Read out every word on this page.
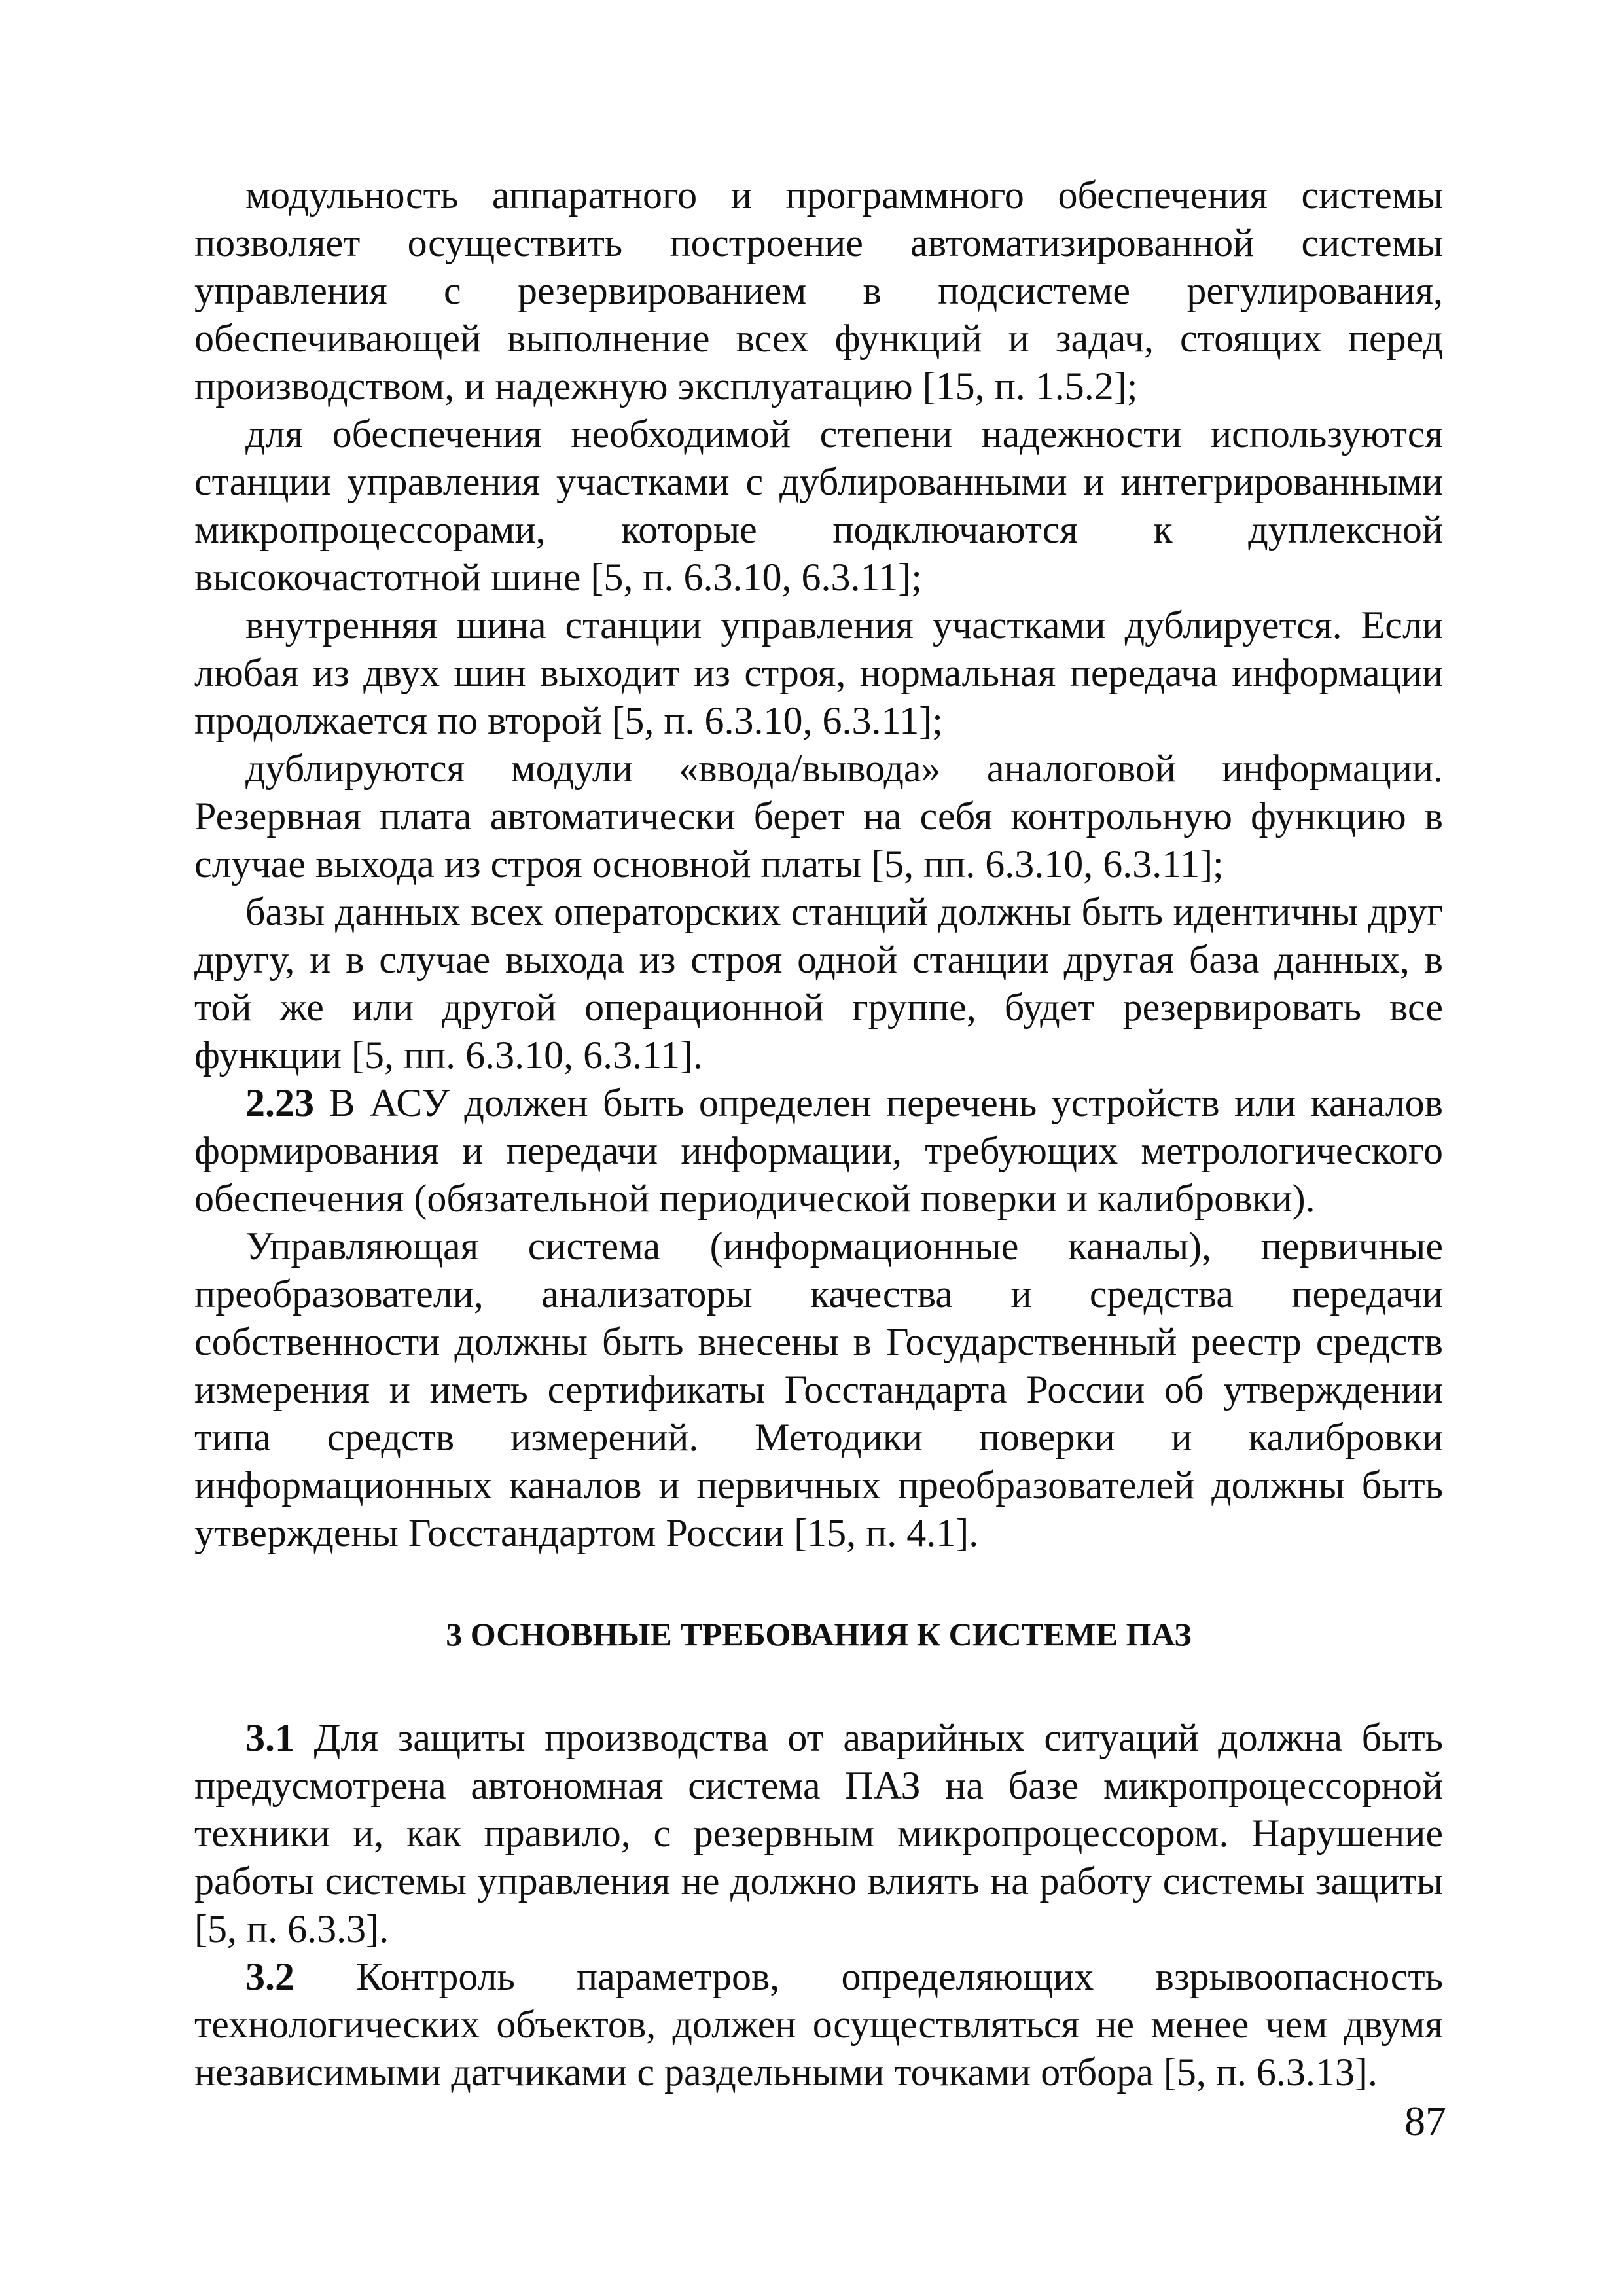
модульность аппаратного и программного обеспечения системы позволяет осуществить построение автоматизированной системы управления с резервированием в подсистеме регулирования, обеспечивающей выполнение всех функций и задач, стоящих перед производством, и надежную эксплуатацию [15, п. 1.5.2];

для обеспечения необходимой степени надежности используются станции управления участками с дублированными и интегрированными микропроцессорами, которые подключаются к дуплексной высокочастотной шине [5, п. 6.3.10, 6.3.11];

внутренняя шина станции управления участками дублируется. Если любая из двух шин выходит из строя, нормальная передача информации продолжается по второй [5, п. 6.3.10, 6.3.11];

дублируются модули «ввода/вывода» аналоговой информации. Резервная плата автоматически берет на себя контрольную функцию в случае выхода из строя основной платы [5, пп. 6.3.10, 6.3.11];

базы данных всех операторских станций должны быть идентичны друг другу, и в случае выхода из строя одной станции другая база данных, в той же или другой операционной группе, будет резервировать все функции [5, пп. 6.3.10, 6.3.11].

2.23 В АСУ должен быть определен перечень устройств или каналов формирования и передачи информации, требующих метрологического обеспечения (обязательной периодической поверки и калибровки).

Управляющая система (информационные каналы), первичные преобразователи, анализаторы качества и средства передачи собственности должны быть внесены в Государственный реестр средств измерения и иметь сертификаты Госстандарта России об утверждении типа средств измерений. Методики поверки и калибровки информационных каналов и первичных преобразователей должны быть утверждены Госстандартом России [15, п. 4.1].

3 ОСНОВНЫЕ ТРЕБОВАНИЯ К СИСТЕМЕ ПАЗ

3.1 Для защиты производства от аварийных ситуаций должна быть предусмотрена автономная система ПАЗ на базе микропроцессорной техники и, как правило, с резервным микропроцессором. Нарушение работы системы управления не должно влиять на работу системы защиты [5, п. 6.3.3].

3.2 Контроль параметров, определяющих взрывоопасность технологических объектов, должен осуществляться не менее чем двумя независимыми датчиками с раздельными точками отбора [5, п. 6.3.13].

87
